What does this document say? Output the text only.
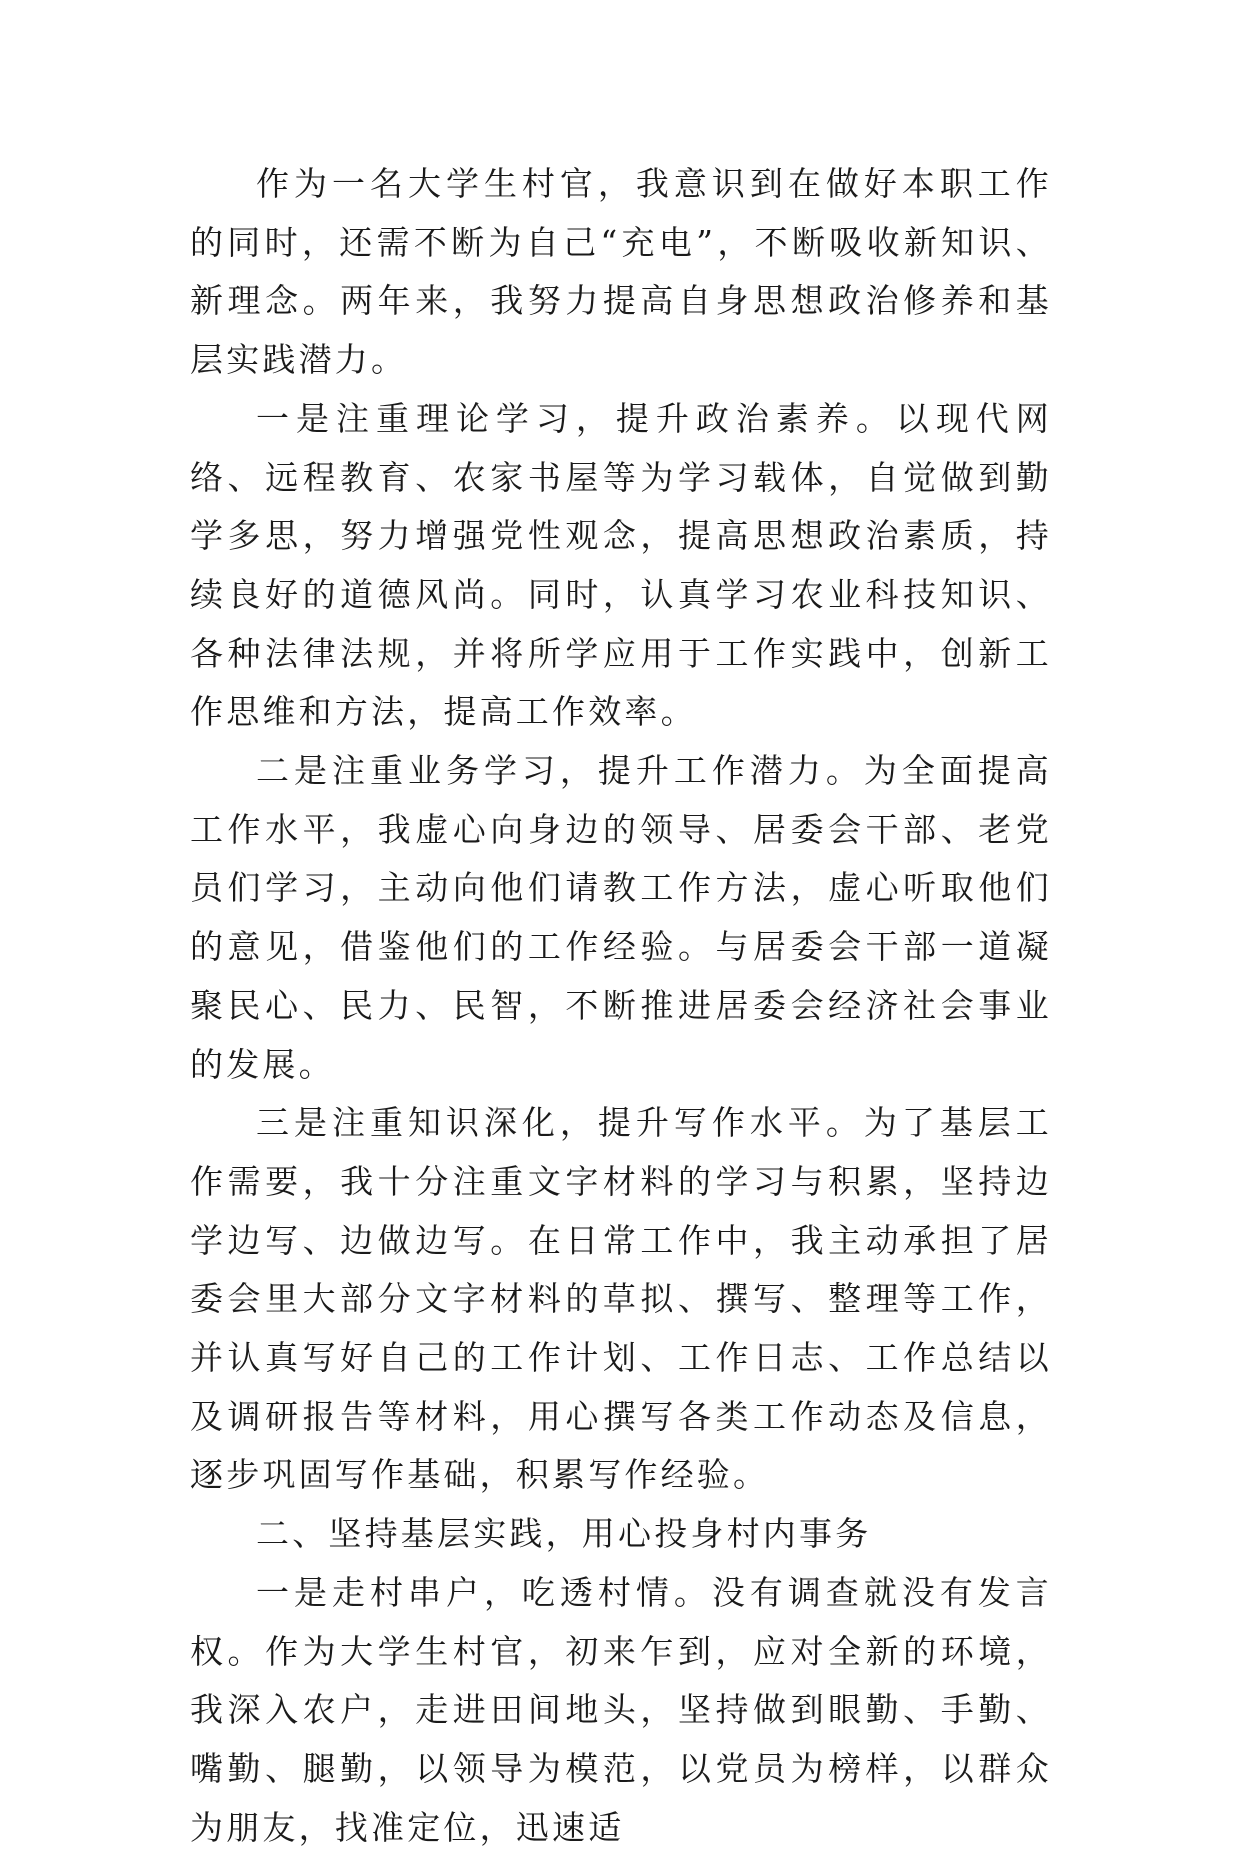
作为一名大学生村官，我意识到在做好本职工作的同时，还需不断为自己“充电”，不断吸收新知识、新理念。两年来，我努力提高自身思想政治修养和基层实践潜力。

一是注重理论学习，提升政治素养。以现代网络、远程教育、农家书屋等为学习载体，自觉做到勤学多思，努力增强党性观念，提高思想政治素质，持续良好的道德风尚。同时，认真学习农业科技知识、各种法律法规，并将所学应用于工作实践中，创新工作思维和方法，提高工作效率。

二是注重业务学习，提升工作潜力。为全面提高工作水平，我虚心向身边的领导、居委会干部、老党员们学习，主动向他们请教工作方法，虚心听取他们的意见，借鉴他们的工作经验。与居委会干部一道凝聚民心、民力、民智，不断推进居委会经济社会事业的发展。

三是注重知识深化，提升写作水平。为了基层工作需要，我十分注重文字材料的学习与积累，坚持边学边写、边做边写。在日常工作中，我主动承担了居委会里大部分文字材料的草拟、撰写、整理等工作，并认真写好自己的工作计划、工作日志、工作总结以及调研报告等材料，用心撰写各类工作动态及信息，逐步巩固写作基础，积累写作经验。

二、坚持基层实践，用心投身村内事务

一是走村串户，吃透村情。没有调查就没有发言权。作为大学生村官，初来乍到，应对全新的环境，我深入农户，走进田间地头，坚持做到眼勤、手勤、嘴勤、腿勤，以领导为模范，以党员为榜样，以群众为朋友，找准定位，迅速适
